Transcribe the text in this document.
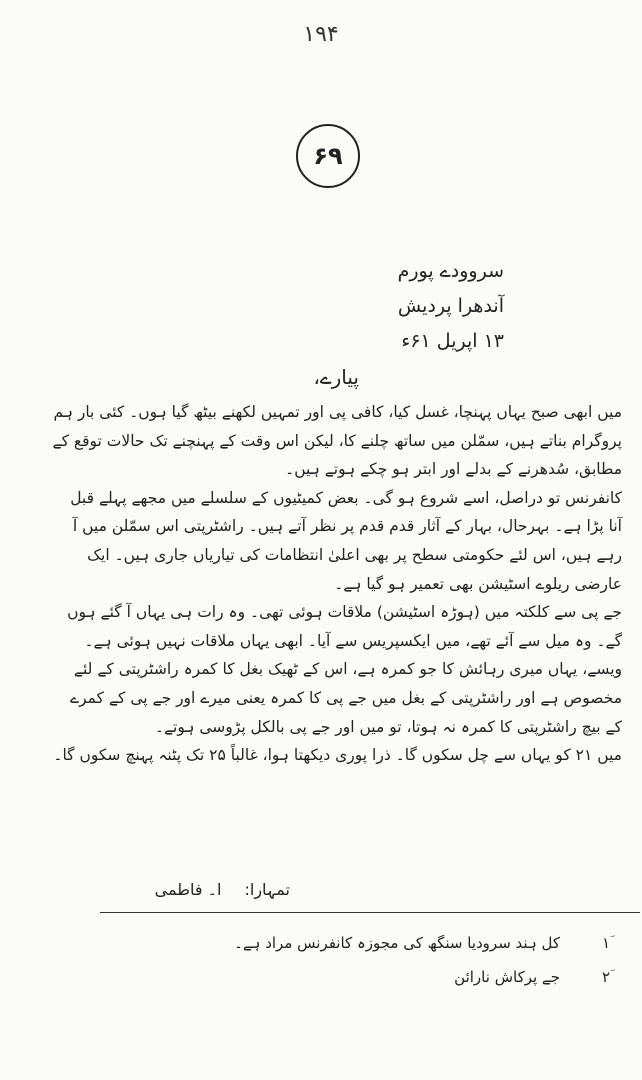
۱۹۴
۶۹
سروودے پورم
آندھرا پردیش
۱۳ اپریل ۶۱ء
پیارے،

میں ابھی صبح یہاں پہنچا، غسل کیا، کافی پی اور تمہیں لکھنے بیٹھ گیا ہوں۔ کئی بار ہم پروگرام بناتے ہیں، سمّلن میں ساتھ چلنے کا، لیکن اس وقت کے پہنچنے تک حالات توقع کے مطابق، سُدھرنے کے بدلے اور ابتر ہو چکے ہوتے ہیں۔

کانفرنس تو دراصل، اسے شروع ہو گی۔ بعض کمیٹیوں کے سلسلے میں مجھے پہلے قبل آنا پڑا ہے۔ بہرحال، بہار کے آثار قدم قدم پر نظر آتے ہیں۔ راشٹرپتی اس سمّلن میں آ رہے ہیں، اس لئے حکومتی سطح پر بھی اعلیٰ انتظامات کی تیاریاں جاری ہیں۔ ایک عارضی ریلوے اسٹیشن بھی تعمیر ہو گیا ہے۔

جے پی سے کلکتہ میں (ہوڑہ اسٹیشن) ملاقات ہوئی تھی۔ وہ رات ہی یہاں آ گئے ہوں گے۔ وہ میل سے آئے تھے، میں ایکسپریس سے آیا۔ ابھی یہاں ملاقات نہیں ہوئی ہے۔ ویسے، یہاں میری رہائش کا جو کمرہ ہے، اس کے ٹھیک بغل کا کمرہ راشٹرپتی کے لئے مخصوص ہے اور راشٹرپتی کے بغل میں جے پی کا کمرہ یعنی میرے اور جے پی کے کمرے کے بیچ راشٹرپتی کا کمرہ نہ ہوتا، تو میں اور جے پی بالکل پڑوسی ہوتے۔

میں ۲۱ کو یہاں سے چل سکوں گا۔ ذرا پوری دیکھتا ہوا، غالباً ۲۵ تک پٹنہ پہنچ سکوں گا۔

تمہارا: ا۔ فاطمی
ؔ۱
کل ہند سرودیا سنگھ کی مجوزہ کانفرنس مراد ہے۔
ؔ۲
جے پرکاش نارائن
